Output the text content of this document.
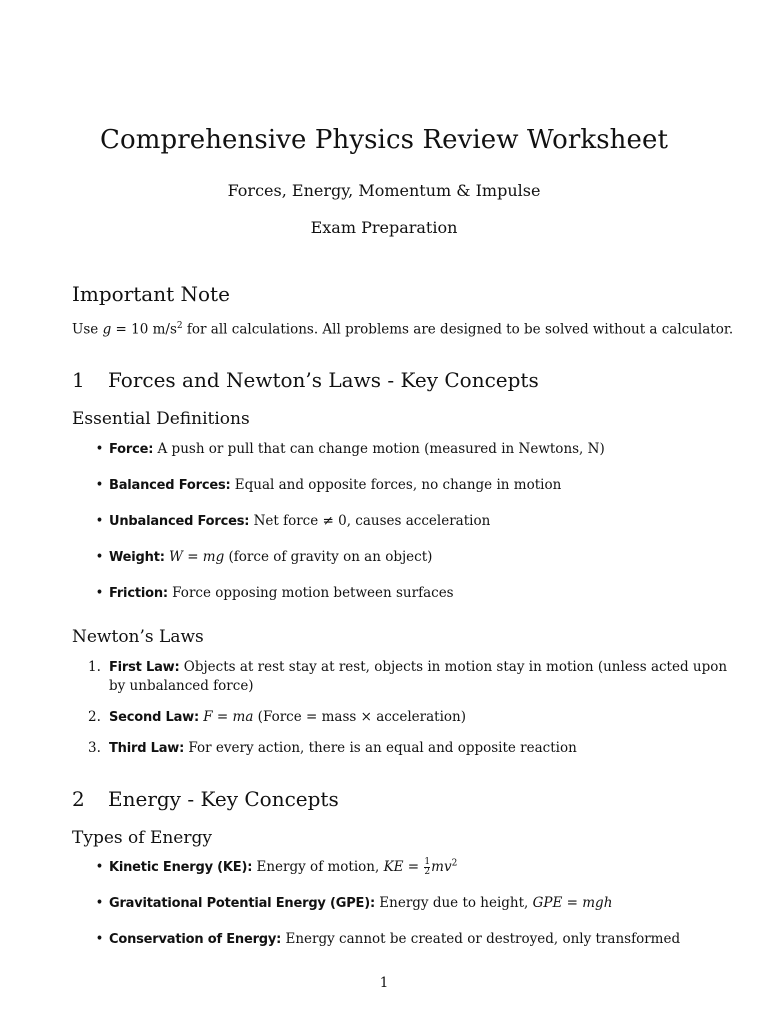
Comprehensive Physics Review Worksheet
Forces, Energy, Momentum & Impulse
Exam Preparation
Important Note
Use g = 10 $m/s^2$ for all calculations. All problems are designed to be solved without a calculator.
1 Forces and Newton’s Laws - Key Concepts
Essential Definitions
• Force: A push or pull that can change motion (measured in Newtons, N)
• Balanced Forces: Equal and opposite forces, no change in motion
• Unbalanced Forces: Net force ≠ 0, causes acceleration
• Weight: W = mg (force of gravity on an object)
• Friction: Force opposing motion between surfaces
Newton’s Laws
1. First Law: Objects at rest stay at rest, objects in motion stay in motion (unless acted upon
by unbalanced force)
2. Second Law: F = ma (Force = mass × acceleration)
3. Third Law: For every action, there is an equal and opposite reaction
2 Energy - Key Concepts
Types of Energy
• Kinetic Energy (KE): Energy of motion, KE = $\frac{1}{2} mv^2$
• Gravitational Potential Energy (GPE): Energy due to height, GPE = mgh
• Conservation of Energy: Energy cannot be created or destroyed, only transformed
1
